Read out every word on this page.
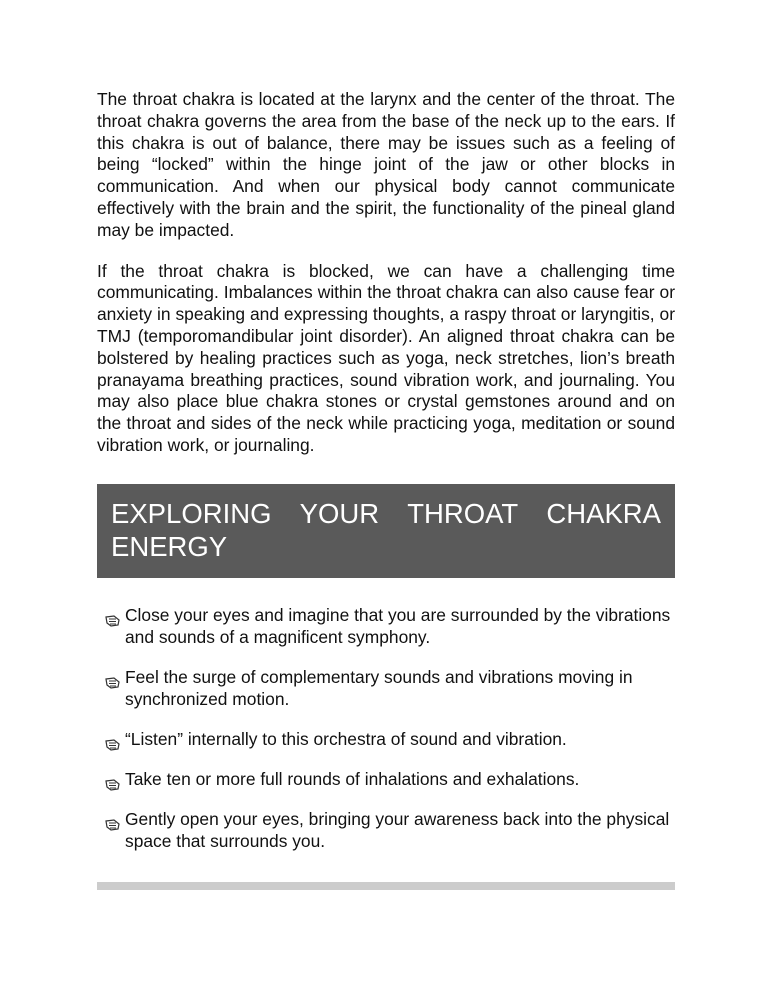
The throat chakra is located at the larynx and the center of the throat. The throat chakra governs the area from the base of the neck up to the ears. If this chakra is out of balance, there may be issues such as a feeling of being “locked” within the hinge joint of the jaw or other blocks in communication. And when our physical body cannot communicate effectively with the brain and the spirit, the functionality of the pineal gland may be impacted.

If the throat chakra is blocked, we can have a challenging time communicating. Imbalances within the throat chakra can also cause fear or anxiety in speaking and expressing thoughts, a raspy throat or laryngitis, or TMJ (temporomandibular joint disorder). An aligned throat chakra can be bolstered by healing practices such as yoga, neck stretches, lion’s breath pranayama breathing practices, sound vibration work, and journaling. You may also place blue chakra stones or crystal gemstones around and on the throat and sides of the neck while practicing yoga, meditation or sound vibration work, or journaling.

EXPLORING YOUR THROAT CHAKRA ENERGY
Close your eyes and imagine that you are surrounded by the vibrations and sounds of a magnificent symphony.
Feel the surge of complementary sounds and vibrations moving in synchronized motion.
“Listen” internally to this orchestra of sound and vibration.
Take ten or more full rounds of inhalations and exhalations.
Gently open your eyes, bringing your awareness back into the physical space that surrounds you.
